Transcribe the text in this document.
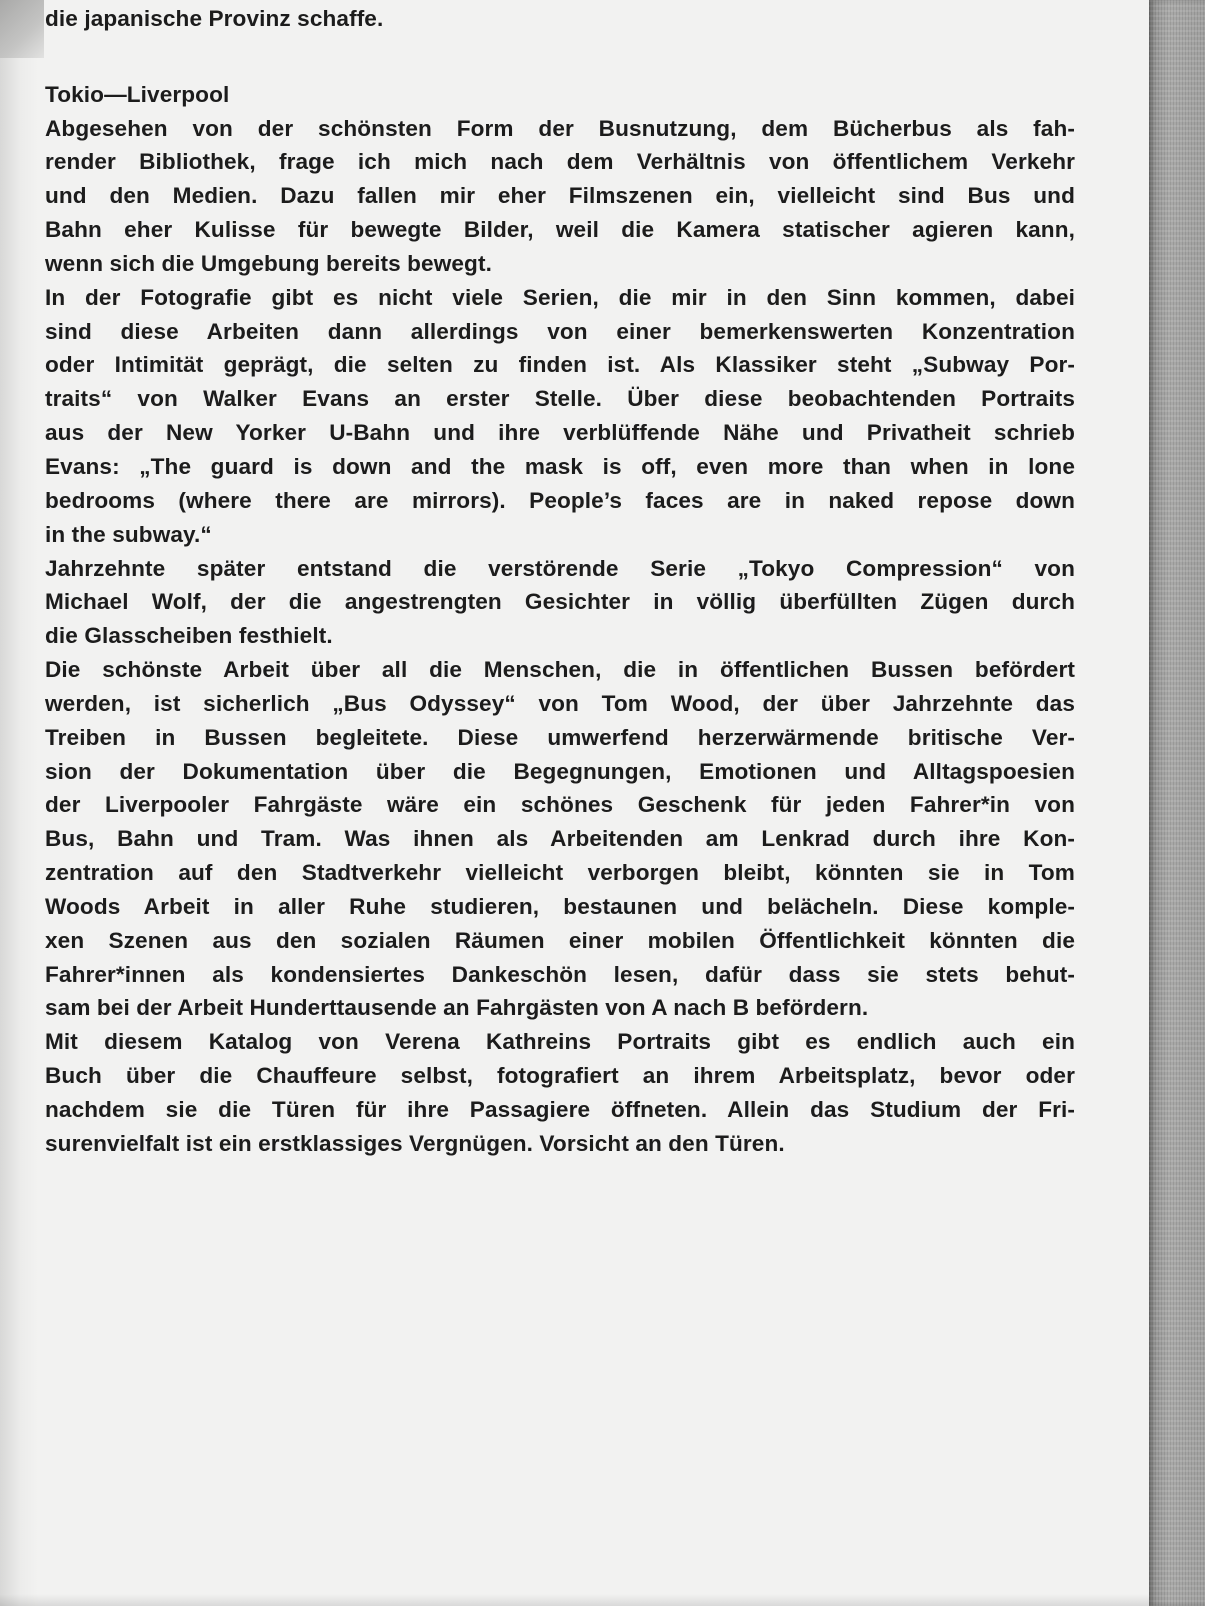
die japanische Provinz schaffe.
Tokio—Liverpool
Abgesehen von der schönsten Form der Busnutzung, dem Bücherbus als fah-
render Bibliothek, frage ich mich nach dem Verhältnis von öffentlichem Verkehr
und den Medien. Dazu fallen mir eher Filmszenen ein, vielleicht sind Bus und
Bahn eher Kulisse für bewegte Bilder, weil die Kamera statischer agieren kann,
wenn sich die Umgebung bereits bewegt.
In der Fotografie gibt es nicht viele Serien, die mir in den Sinn kommen, dabei
sind diese Arbeiten dann allerdings von einer bemerkenswerten Konzentration
oder Intimität geprägt, die selten zu finden ist. Als Klassiker steht „Subway Por-
traits“ von Walker Evans an erster Stelle. Über diese beobachtenden Portraits
aus der New Yorker U-Bahn und ihre verblüffende Nähe und Privatheit schrieb
Evans: „The guard is down and the mask is off, even more than when in lone
bedrooms (where there are mirrors). People’s faces are in naked repose down
in the subway.“
Jahrzehnte später entstand die verstörende Serie „Tokyo Compression“ von
Michael Wolf, der die angestrengten Gesichter in völlig überfüllten Zügen durch
die Glasscheiben festhielt.
Die schönste Arbeit über all die Menschen, die in öffentlichen Bussen befördert
werden, ist sicherlich „Bus Odyssey“ von Tom Wood, der über Jahrzehnte das
Treiben in Bussen begleitete. Diese umwerfend herzerwärmende britische Ver-
sion der Dokumentation über die Begegnungen, Emotionen und Alltagspoesien
der Liverpooler Fahrgäste wäre ein schönes Geschenk für jeden Fahrer*in von
Bus, Bahn und Tram. Was ihnen als Arbeitenden am Lenkrad durch ihre Kon-
zentration auf den Stadtverkehr vielleicht verborgen bleibt, könnten sie in Tom
Woods Arbeit in aller Ruhe studieren, bestaunen und belächeln. Diese komple-
xen Szenen aus den sozialen Räumen einer mobilen Öffentlichkeit könnten die
Fahrer*innen als kondensiertes Dankeschön lesen, dafür dass sie stets behut-
sam bei der Arbeit Hunderttausende an Fahrgästen von A nach B befördern.
Mit diesem Katalog von Verena Kathreins Portraits gibt es endlich auch ein
Buch über die Chauffeure selbst, fotografiert an ihrem Arbeitsplatz, bevor oder
nachdem sie die Türen für ihre Passagiere öffneten. Allein das Studium der Fri-
surenvielfalt ist ein erstklassiges Vergnügen. Vorsicht an den Türen.
